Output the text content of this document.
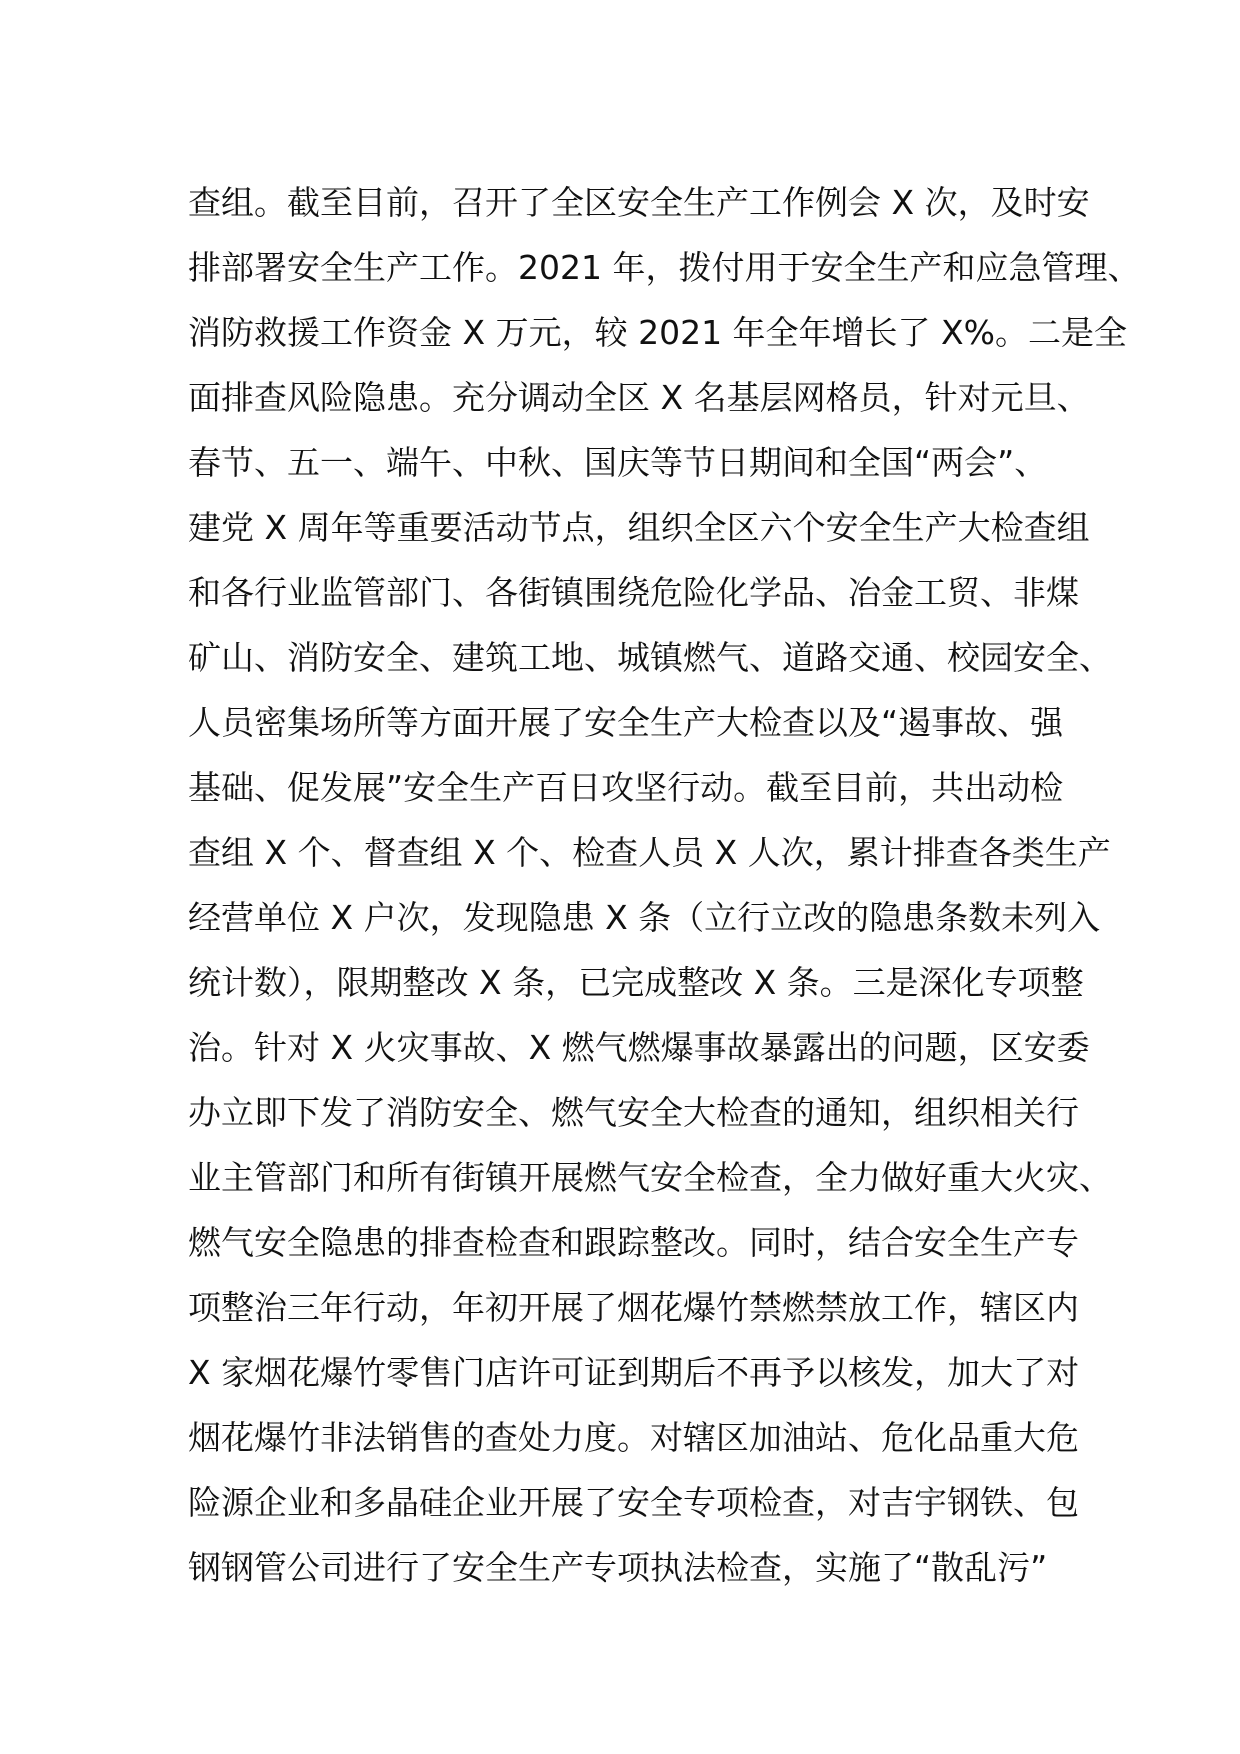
查组。截至目前，召开了全区安全生产工作例会 X 次，及时安
排部署安全生产工作。2021 年，拨付用于安全生产和应急管理、
消防救援工作资金 X 万元，较 2021 年全年增长了 X%。二是全
面排查风险隐患。充分调动全区 X 名基层网格员，针对元旦、
春节、五一、端午、中秋、国庆等节日期间和全国“两会”、
建党 X 周年等重要活动节点，组织全区六个安全生产大检查组
和各行业监管部门、各街镇围绕危险化学品、冶金工贸、非煤
矿山、消防安全、建筑工地、城镇燃气、道路交通、校园安全、
人员密集场所等方面开展了安全生产大检查以及“遏事故、强
基础、促发展”安全生产百日攻坚行动。截至目前，共出动检
查组 X 个、督查组 X 个、检查人员 X 人次，累计排查各类生产
经营单位 X 户次，发现隐患 X 条（立行立改的隐患条数未列入
统计数），限期整改 X 条，已完成整改 X 条。三是深化专项整
治。针对 X 火灾事故、X 燃气燃爆事故暴露出的问题，区安委
办立即下发了消防安全、燃气安全大检查的通知，组织相关行
业主管部门和所有街镇开展燃气安全检查，全力做好重大火灾、
燃气安全隐患的排查检查和跟踪整改。同时，结合安全生产专
项整治三年行动，年初开展了烟花爆竹禁燃禁放工作，辖区内
X 家烟花爆竹零售门店许可证到期后不再予以核发，加大了对
烟花爆竹非法销售的查处力度。对辖区加油站、危化品重大危
险源企业和多晶硅企业开展了安全专项检查，对吉宇钢铁、包
钢钢管公司进行了安全生产专项执法检查，实施了“散乱污”
